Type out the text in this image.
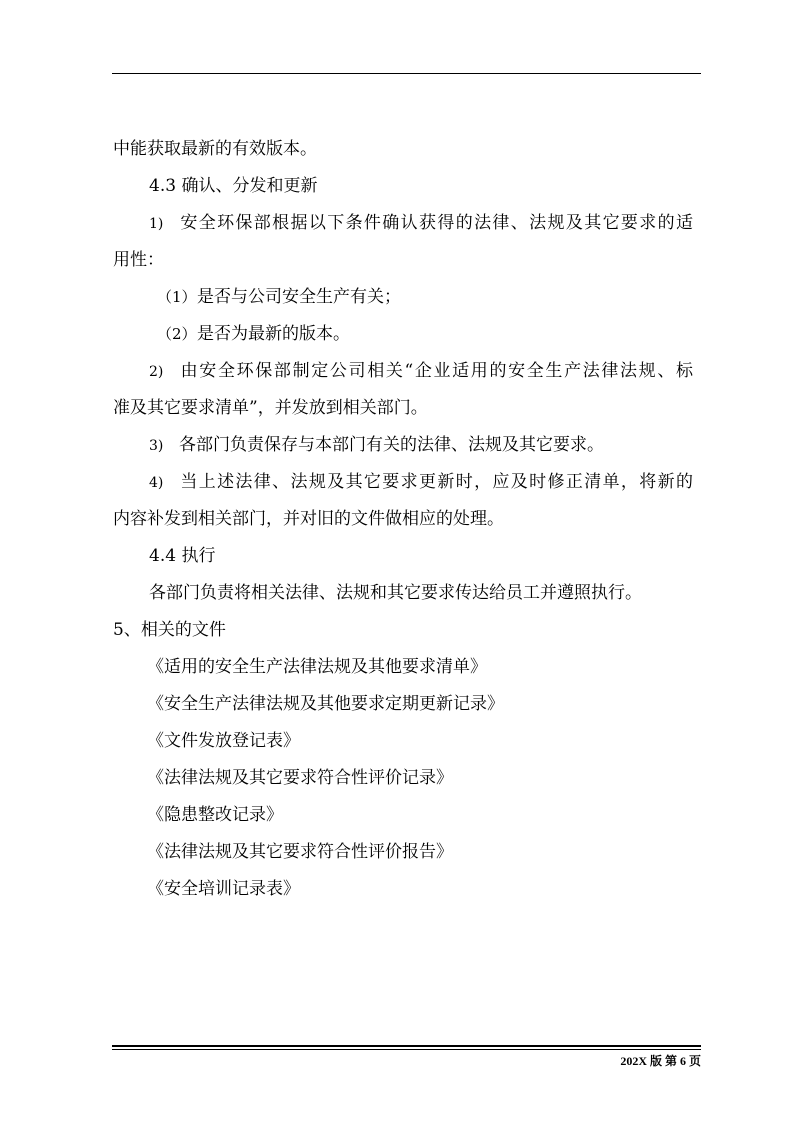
中能获取最新的有效版本。
4.3 确认、分发和更新
1) 安全环保部根据以下条件确认获得的法律、法规及其它要求的适
用性：
（1）是否与公司安全生产有关；
（2）是否为最新的版本。
2) 由安全环保部制定公司相关“企业适用的安全生产法律法规、标
准及其它要求清单”，并发放到相关部门。
3) 各部门负责保存与本部门有关的法律、法规及其它要求。
4) 当上述法律、法规及其它要求更新时，应及时修正清单，将新的
内容补发到相关部门，并对旧的文件做相应的处理。
4.4 执行
各部门负责将相关法律、法规和其它要求传达给员工并遵照执行。
5、相关的文件
《适用的安全生产法律法规及其他要求清单》
《安全生产法律法规及其他要求定期更新记录》
《文件发放登记表》
《法律法规及其它要求符合性评价记录》
《隐患整改记录》
《法律法规及其它要求符合性评价报告》
《安全培训记录表》
202X 版 第 6 页
